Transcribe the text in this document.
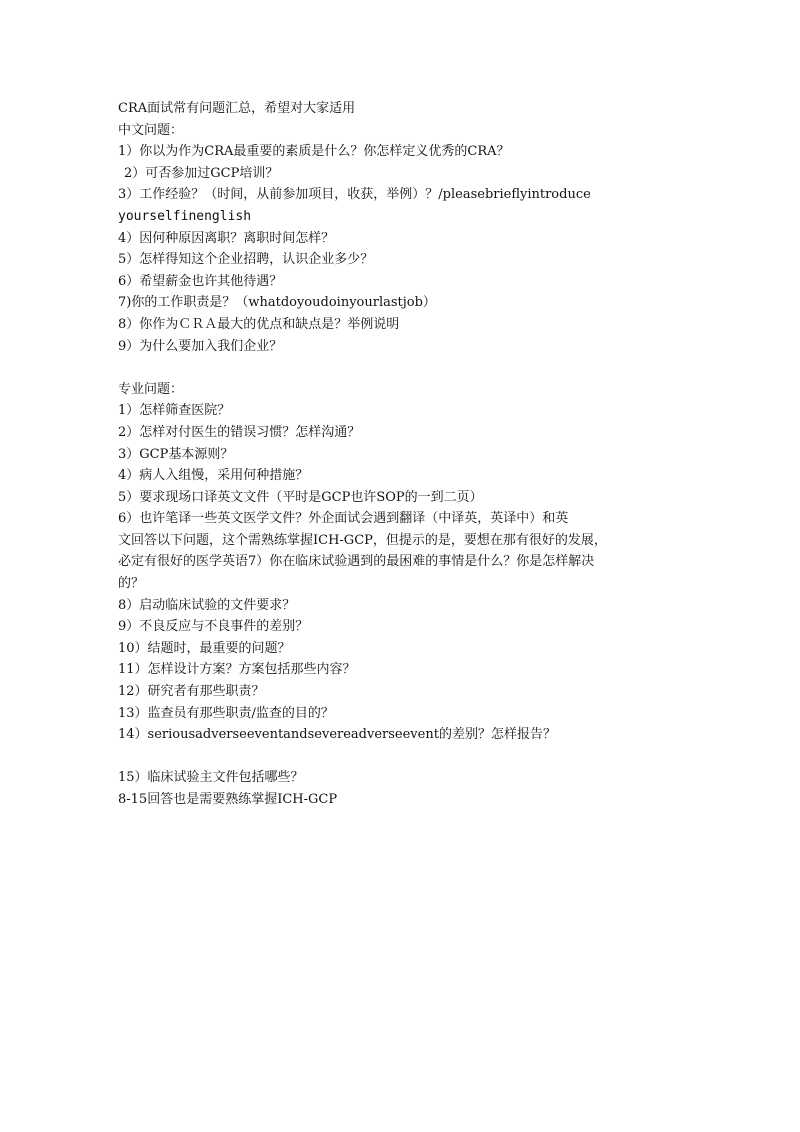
CRA面试常有问题汇总，希望对大家适用
中文问题：
1）你以为作为CRA最重要的素质是什么？你怎样定义优秀的CRA？
2）可否参加过GCP培训？
3）工作经验？（时间，从前参加项目，收获，举例）？/pleasebrieflyintroduce
yourselfinenglish
4）因何种原因离职？离职时间怎样？
5）怎样得知这个企业招聘，认识企业多少？
6）希望薪金也许其他待遇？
7)你的工作职责是？（whatdoyoudoinyourlastjob）
8）你作为ＣＲＡ最大的优点和缺点是？举例说明
9）为什么要加入我们企业？
专业问题：
1）怎样筛查医院？
2）怎样对付医生的错误习惯？怎样沟通？
3）GCP基本源则？
4）病人入组慢，采用何种措施？
5）要求现场口译英文文件（平时是GCP也许SOP的一到二页）
6）也许笔译一些英文医学文件？外企面试会遇到翻译（中译英，英译中）和英
文回答以下问题，这个需熟练掌握ICH-GCP，但提示的是，要想在那有很好的发展，
必定有很好的医学英语7）你在临床试验遇到的最困难的事情是什么？你是怎样解决
的？
8）启动临床试验的文件要求？
9）不良反应与不良事件的差别？
10）结题时，最重要的问题？
11）怎样设计方案？方案包括那些内容？
12）研究者有那些职责？
13）监查员有那些职责/监查的目的？
14）seriousadverseeventandsevereadverseevent的差别？怎样报告？
15）临床试验主文件包括哪些？
8-15回答也是需要熟练掌握ICH-GCP
